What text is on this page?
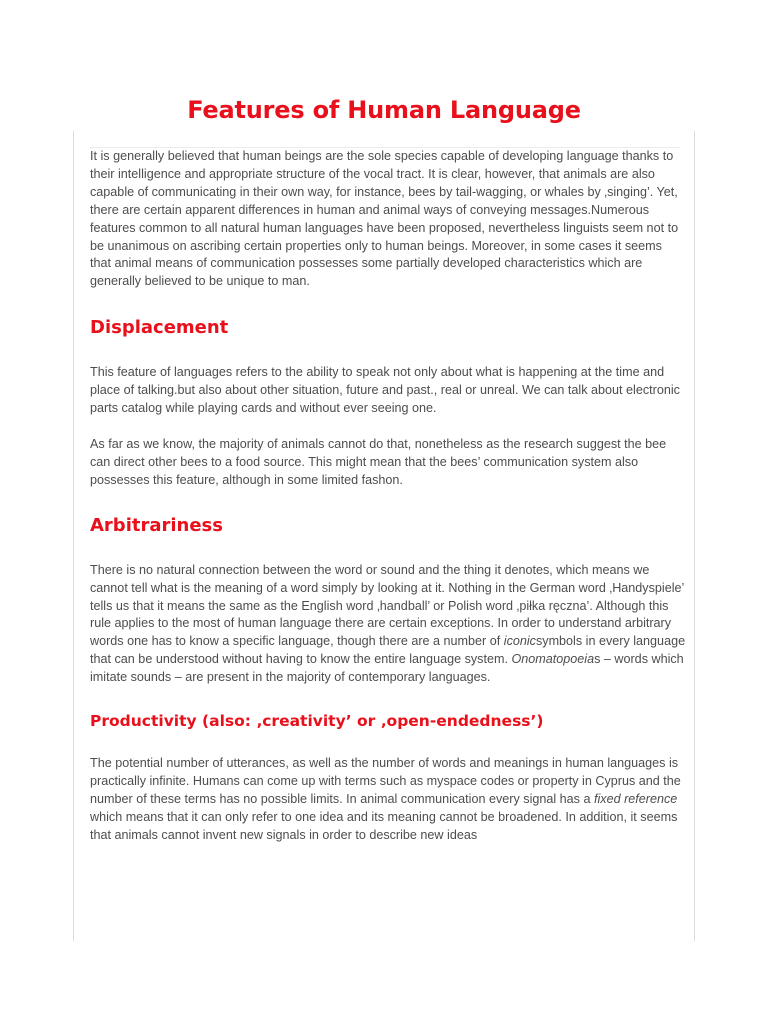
Features of Human Language

It is generally believed that human beings are the sole species capable of developing language thanks to their intelligence and appropriate structure of the vocal tract. It is clear, however, that animals are also capable of communicating in their own way, for instance, bees by tail-wagging, or whales by ‚singing’. Yet, there are certain apparent differences in human and animal ways of conveying messages.Numerous features common to all natural human languages have been proposed, nevertheless linguists seem not to be unanimous on ascribing certain properties only to human beings. Moreover, in some cases it seems that animal means of communication possesses some partially developed characteristics which are generally believed to be unique to man.

Displacement

This feature of languages refers to the ability to speak not only about what is happening at the time and place of talking.but also about other situation, future and past., real or unreal. We can talk about electronic parts catalog while playing cards and without ever seeing one.

As far as we know, the majority of animals cannot do that, nonetheless as the research suggest the bee can direct other bees to a food source. This might mean that the bees’ communication system also possesses this feature, although in some limited fashon.

Arbitrariness

There is no natural connection between the word or sound and the thing it denotes, which means we cannot tell what is the meaning of a word simply by looking at it. Nothing in the German word ‚Handyspiele’ tells us that it means the same as the English word ‚handball’ or Polish word ‚piłka ręczna’. Although this rule applies to the most of human language there are certain exceptions. In order to understand arbitrary words one has to know a specific language, though there are a number of iconicsymbols in every language that can be understood without having to know the entire language system. Onomatopoeias – words which imitate sounds – are present in the majority of contemporary languages.

Productivity (also: ‚creativity’ or ‚open-endedness’)

The potential number of utterances, as well as the number of words and meanings in human languages is practically infinite. Humans can come up with terms such as myspace codes or property in Cyprus and the number of these terms has no possible limits. In animal communication every signal has a fixed reference which means that it can only refer to one idea and its meaning cannot be broadened. In addition, it seems that animals cannot invent new signals in order to describe new ideas
